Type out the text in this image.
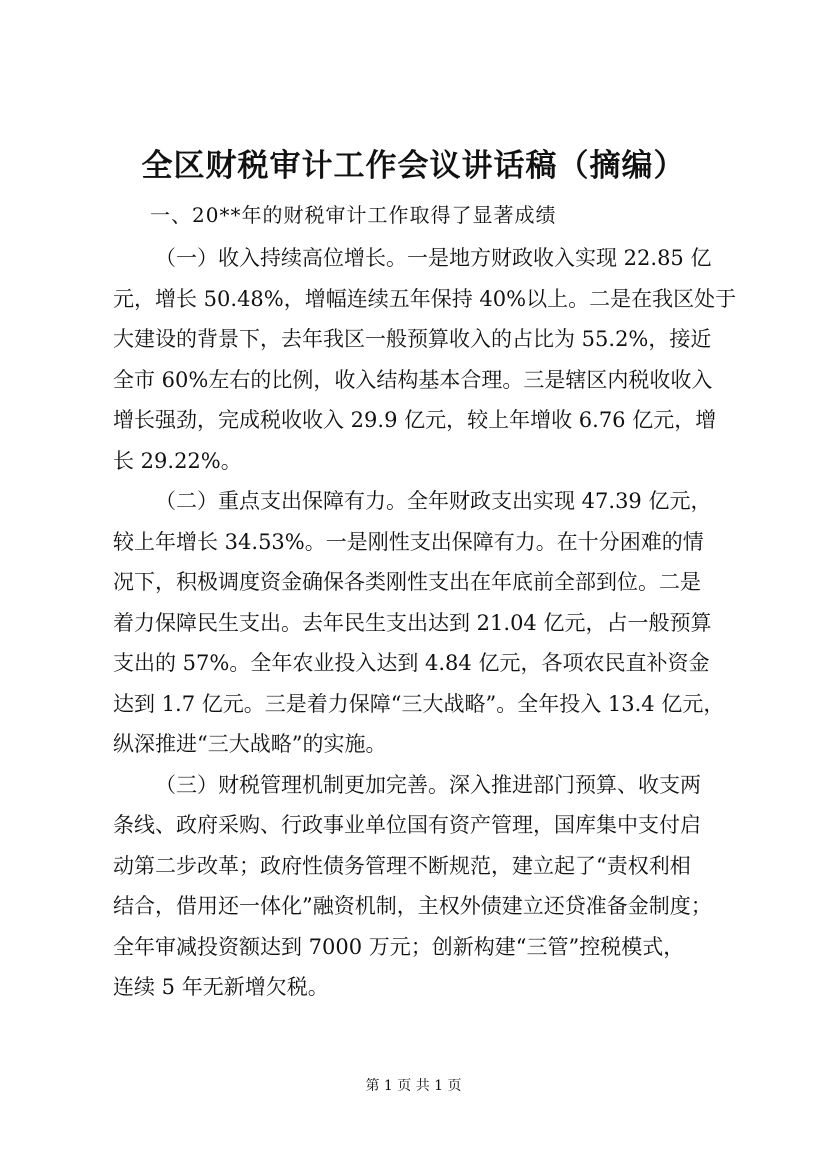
全区财税审计工作会议讲话稿（摘编）
一、20**年的财税审计工作取得了显著成绩
（一）收入持续高位增长。一是地方财政收入实现 22.85 亿
元，增长 50.48%，增幅连续五年保持 40%以上。二是在我区处于
大建设的背景下，去年我区一般预算收入的占比为 55.2%，接近
全市 60%左右的比例，收入结构基本合理。三是辖区内税收收入
增长强劲，完成税收收入 29.9 亿元，较上年增收 6.76 亿元，增
长 29.22%。
（二）重点支出保障有力。全年财政支出实现 47.39 亿元，
较上年增长 34.53%。一是刚性支出保障有力。在十分困难的情
况下，积极调度资金确保各类刚性支出在年底前全部到位。二是
着力保障民生支出。去年民生支出达到 21.04 亿元，占一般预算
支出的 57%。全年农业投入达到 4.84 亿元，各项农民直补资金
达到 1.7 亿元。三是着力保障“三大战略”。全年投入 13.4 亿元，
纵深推进“三大战略”的实施。
（三）财税管理机制更加完善。深入推进部门预算、收支两
条线、政府采购、行政事业单位国有资产管理，国库集中支付启
动第二步改革；政府性债务管理不断规范，建立起了“责权利相
结合，借用还一体化”融资机制，主权外债建立还贷准备金制度；
全年审减投资额达到 7000 万元；创新构建“三管”控税模式，
连续 5 年无新增欠税。
第 1 页 共 1 页
